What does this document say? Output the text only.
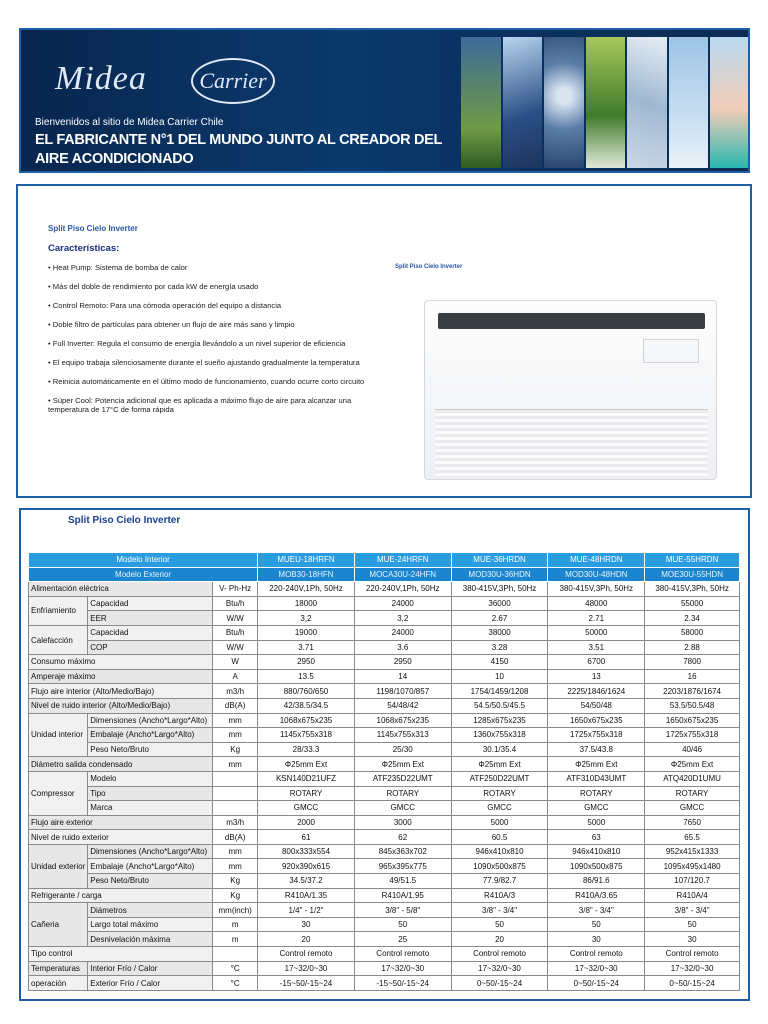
Midea	Carrier
Bienvenidos al sitio de Midea Carrier Chile
EL FABRICANTE N°1 DEL MUNDO JUNTO AL CREADOR DEL AIRE ACONDICIONADO
Split Piso Cielo Inverter
Características:
• Heat Pump: Sistema de bomba de calor
• Más del doble de rendimiento por cada kW de energía usado
• Control Remoto: Para una cómoda operación del equipo a distancia
• Doble filtro de partículas para obtener un flujo de aire más sano y limpio
• Full Inverter: Regula el consumo de energía llevándolo a un nivel superior de eficiencia
• El equipo trabaja silenciosamente durante el sueño ajustando gradualmente la temperatura
• Reinicia automáticamente en el último modo de funcionamiento, cuando ocurre corto circuito
• Súper Cool: Potencia adicional que es aplicada a máximo flujo de aire para alcanzar una temperatura de 17°C de forma rápida
Split Piso Cielo Inverter
Split Piso Cielo Inverter
Modelo Interior			MUEU-18HRFN	MUE-24HRFN	MUE-36HRDN	MUE-48HRDN	MUE-55HRDN
Modelo Exterior			MOB30-18HFN	MOCA30U-24HFN	MOD30U-36HDN	MOD30U-48HDN	MOE30U-55HDN
Alimentación eléctrica		V- Ph-Hz	220-240V,1Ph, 50Hz	220-240V,1Ph, 50Hz	380-415V,3Ph, 50Hz	380-415V,3Ph, 50Hz	380-415V,3Ph, 50Hz
Enfriamiento	Capacidad	Btu/h	18000	24000	36000	48000	55000
	EER	W/W	3,2	3,2	2.67	2.71	2.34
Calefacción	Capacidad	Btu/h	19000	24000	38000	50000	58000
	COP	W/W	3.71	3.6	3.28	3.51	2.88
Consumo máximo		W	2950	2950	4150	6700	7800
Amperaje máximo		A	13.5	14	10	13	16
Flujo aire interior (Alto/Medio/Bajo)		m3/h	880/760/650	1198/1070/857	1754/1459/1208	2225/1846/1624	2203/1876/1674
Nivel de ruido interior (Alto/Medio/Bajo)		dB(A)	42/38.5/34.5	54/48/42	54.5/50.5/45.5	54/50/48	53.5/50.5/48
Unidad interior	Dimensiones (Ancho*Largo*Alto)	mm	1068x675x235	1068x675x235	1285x675x235	1650x675x235	1650x675x235
	Embalaje (Ancho*Largo*Alto)	mm	1145x755x318	1145x755x313	1360x755x318	1725x755x318	1725x755x318
	Peso Neto/Bruto	Kg	28/33.3	25/30	30.1/35.4	37.5/43.8	40/46
Diámetro salida condensado		mm	Φ25mm Ext	Φ25mm Ext	Φ25mm Ext	Φ25mm Ext	Φ25mm Ext
Compressor	Modelo		KSN140D21UFZ	ATF235D22UMT	ATF250D22UMT	ATF310D43UMT	ATQ420D1UMU
	Tipo		ROTARY	ROTARY	ROTARY	ROTARY	ROTARY
	Marca		GMCC	GMCC	GMCC	GMCC	GMCC
Flujo aire exterior		m3/h	2000	3000	5000	5000	7650
Nivel de ruido exterior		dB(A)	61	62	60.5	63	65.5
Unidad exterior	Dimensiones (Ancho*Largo*Alto)	mm	800x333x554	845x363x702	946x410x810	946x410x810	952x415x1333
	Embalaje (Ancho*Largo*Alto)	mm	920x390x615	965x395x775	1090x500x875	1090x500x875	1095x495x1480
	Peso Neto/Bruto	Kg	34.5/37.2	49/51.5	77.9/82.7	86/91.6	107/120.7
Refrigerante / carga		Kg	R410A/1.35	R410A/1.95	R410A/3	R410A/3.65	R410A/4
Cañeria	Diámetros	mm(inch)	1/4" - 1/2"	3/8" - 5/8"	3/8" - 3/4"	3/8" - 3/4"	3/8" - 3/4"
	Largo total máximo	m	30	50	50	50	50
	Desnivelación máxima	m	20	25	20	30	30
Tipo control			Control remoto	Control remoto	Control remoto	Control remoto	Control remoto
Temperaturas	Interior Frío / Calor	°C	17~32/0~30	17~32/0~30	17~32/0~30	17~32/0~30	17~32/0~30
operación	Exterior Frío / Calor	°C	-15~50/-15~24	-15~50/-15~24	0~50/-15~24	0~50/-15~24	0~50/-15~24
